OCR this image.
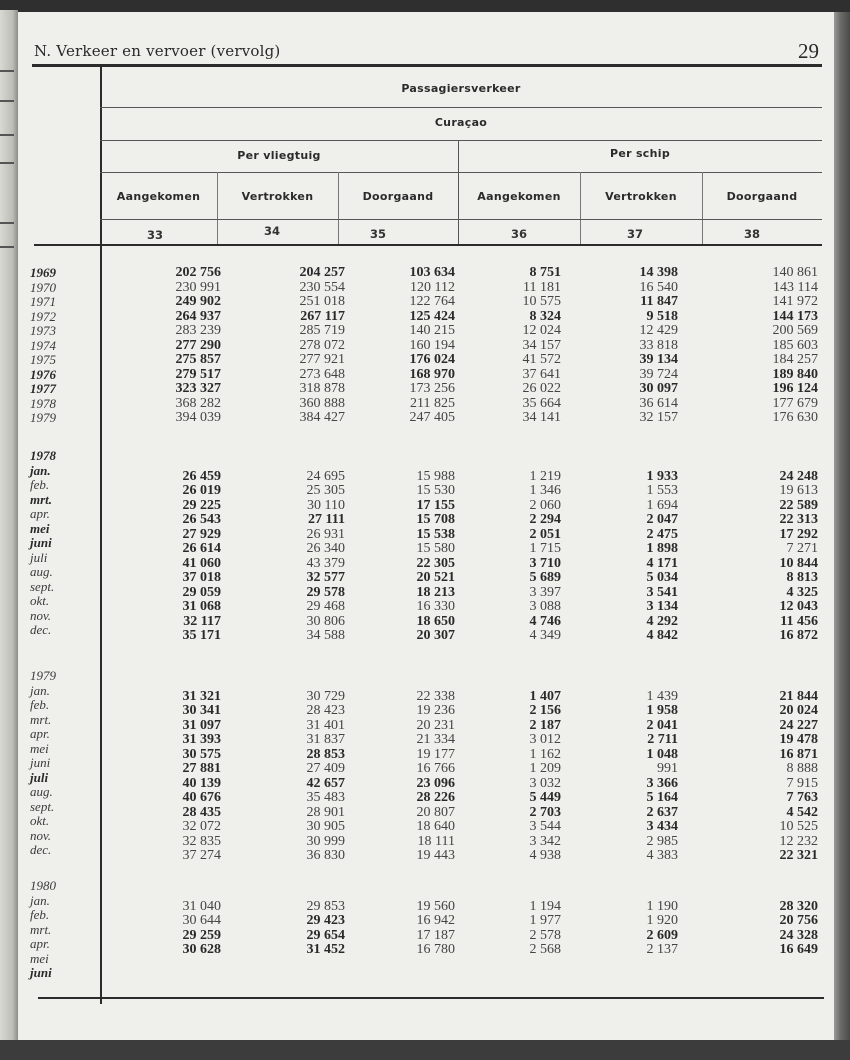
N. Verkeer en vervoer (vervolg)	29
Passagiersverkeer
Curaçao
Per vliegtuig	Per schip
Aangekomen	Vertrokken	Doorgaand	Aangekomen	Vertrokken	Doorgaand
33	34	35	36	37	38
1969	202 756	204 257	103 634	8 751	14 398	140 861
1970	230 991	230 554	120 112	11 181	16 540	143 114
1971	249 902	251 018	122 764	10 575	11 847	141 972
1972	264 937	267 117	125 424	8 324	9 518	144 173
1973	283 239	285 719	140 215	12 024	12 429	200 569
1974	277 290	278 072	160 194	34 157	33 818	185 603
1975	275 857	277 921	176 024	41 572	39 134	184 257
1976	279 517	273 648	168 970	37 641	39 724	189 840
1977	323 327	318 878	173 256	26 022	30 097	196 124
1978	368 282	360 888	211 825	35 664	36 614	177 679
1979	394 039	384 427	247 405	34 141	32 157	176 630
1978
jan.	26 459	24 695	15 988	1 219	1 933	24 248
feb.	26 019	25 305	15 530	1 346	1 553	19 613
mrt.	29 225	30 110	17 155	2 060	1 694	22 589
apr.	26 543	27 111	15 708	2 294	2 047	22 313
mei	27 929	26 931	15 538	2 051	2 475	17 292
juni	26 614	26 340	15 580	1 715	1 898	7 271
juli	41 060	43 379	22 305	3 710	4 171	10 844
aug.	37 018	32 577	20 521	5 689	5 034	8 813
sept.	29 059	29 578	18 213	3 397	3 541	4 325
okt.	31 068	29 468	16 330	3 088	3 134	12 043
nov.	32 117	30 806	18 650	4 746	4 292	11 456
dec.	35 171	34 588	20 307	4 349	4 842	16 872
1979
jan.	31 321	30 729	22 338	1 407	1 439	21 844
feb.	30 341	28 423	19 236	2 156	1 958	20 024
mrt.	31 097	31 401	20 231	2 187	2 041	24 227
apr.	31 393	31 837	21 334	3 012	2 711	19 478
mei	30 575	28 853	19 177	1 162	1 048	16 871
juni	27 881	27 409	16 766	1 209	991	8 888
juli	40 139	42 657	23 096	3 032	3 366	7 915
aug.	40 676	35 483	28 226	5 449	5 164	7 763
sept.	28 435	28 901	20 807	2 703	2 637	4 542
okt.	32 072	30 905	18 640	3 544	3 434	10 525
nov.	32 835	30 999	18 111	3 342	2 985	12 232
dec.	37 274	36 830	19 443	4 938	4 383	22 321
1980
jan.	31 040	29 853	19 560	1 194	1 190	28 320
feb.	30 644	29 423	16 942	1 977	1 920	20 756
mrt.	29 259	29 654	17 187	2 578	2 609	24 328
apr.	30 628	31 452	16 780	2 568	2 137	16 649
mei
juni
